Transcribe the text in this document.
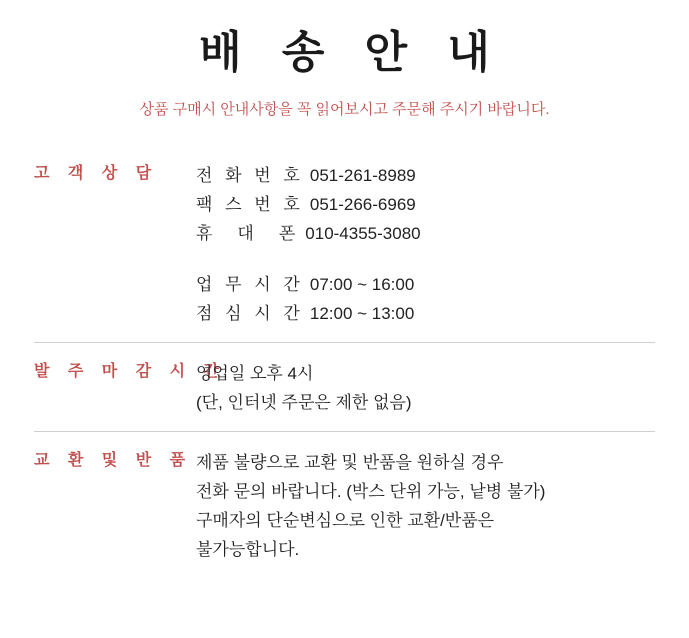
배 송 안 내
상품 구매시 안내사항을 꼭 읽어보시고 주문해 주시기 바랍니다.
고 객 상 담	전 화 번 호 051-261-8989
팩 스 번 호 051-266-6969
휴　대　폰 010-4355-3080
업 무 시 간 07:00 ~ 16:00
점 심 시 간 12:00 ~ 13:00
발 주 마 감 시 간
영업일 오후 4시
(단, 인터넷 주문은 제한 없음)
교 환 및 반 품 제품 불량으로 교환 및 반품을 원하실 경우
전화 문의 바랍니다. (박스 단위 가능, 낱병 불가)
구매자의 단순변심으로 인한 교환/반품은
불가능합니다.
